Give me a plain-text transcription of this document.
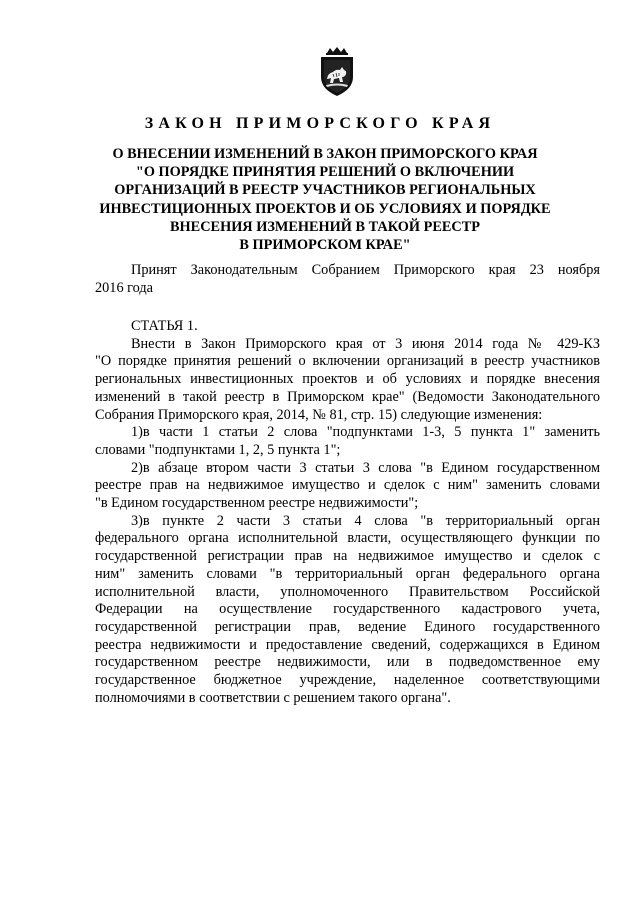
ЗАКОН ПРИМОРСКОГО КРАЯ
О ВНЕСЕНИИ ИЗМЕНЕНИЙ В ЗАКОН ПРИМОРСКОГО КРАЯ
"О ПОРЯДКЕ ПРИНЯТИЯ РЕШЕНИЙ О ВКЛЮЧЕНИИ
ОРГАНИЗАЦИЙ В РЕЕСТР УЧАСТНИКОВ РЕГИОНАЛЬНЫХ
ИНВЕСТИЦИОННЫХ ПРОЕКТОВ И ОБ УСЛОВИЯХ И ПОРЯДКЕ
ВНЕСЕНИЯ ИЗМЕНЕНИЙ В ТАКОЙ РЕЕСТР
В ПРИМОРСКОМ КРАЕ"
Принят Законодательным Собранием Приморского края 23 ноября
2016 года
СТАТЬЯ 1.
Внести в Закон Приморского края от 3 июня 2014 года № 429-КЗ
"О порядке принятия решений о включении организаций в реестр участников
региональных инвестиционных проектов и об условиях и порядке внесения
изменений в такой реестр в Приморском крае" (Ведомости Законодательного
Собрания Приморского края, 2014, № 81, стр. 15) следующие изменения:
1)в части 1 статьи 2 слова "подпунктами 1-3, 5 пункта 1" заменить
словами "подпунктами 1, 2, 5 пункта 1";
2)в абзаце втором части 3 статьи 3 слова "в Едином государственном
реестре прав на недвижимое имущество и сделок с ним" заменить словами
"в Едином государственном реестре недвижимости";
3)в пункте 2 части 3 статьи 4 слова "в территориальный орган
федерального органа исполнительной власти, осуществляющего функции по
государственной регистрации прав на недвижимое имущество и сделок с
ним" заменить словами "в территориальный орган федерального органа
исполнительной власти, уполномоченного Правительством Российской
Федерации на осуществление государственного кадастрового учета,
государственной регистрации прав, ведение Единого государственного
реестра недвижимости и предоставление сведений, содержащихся в Едином
государственном реестре недвижимости, или в подведомственное ему
государственное бюджетное учреждение, наделенное соответствующими
полномочиями в соответствии с решением такого органа".
